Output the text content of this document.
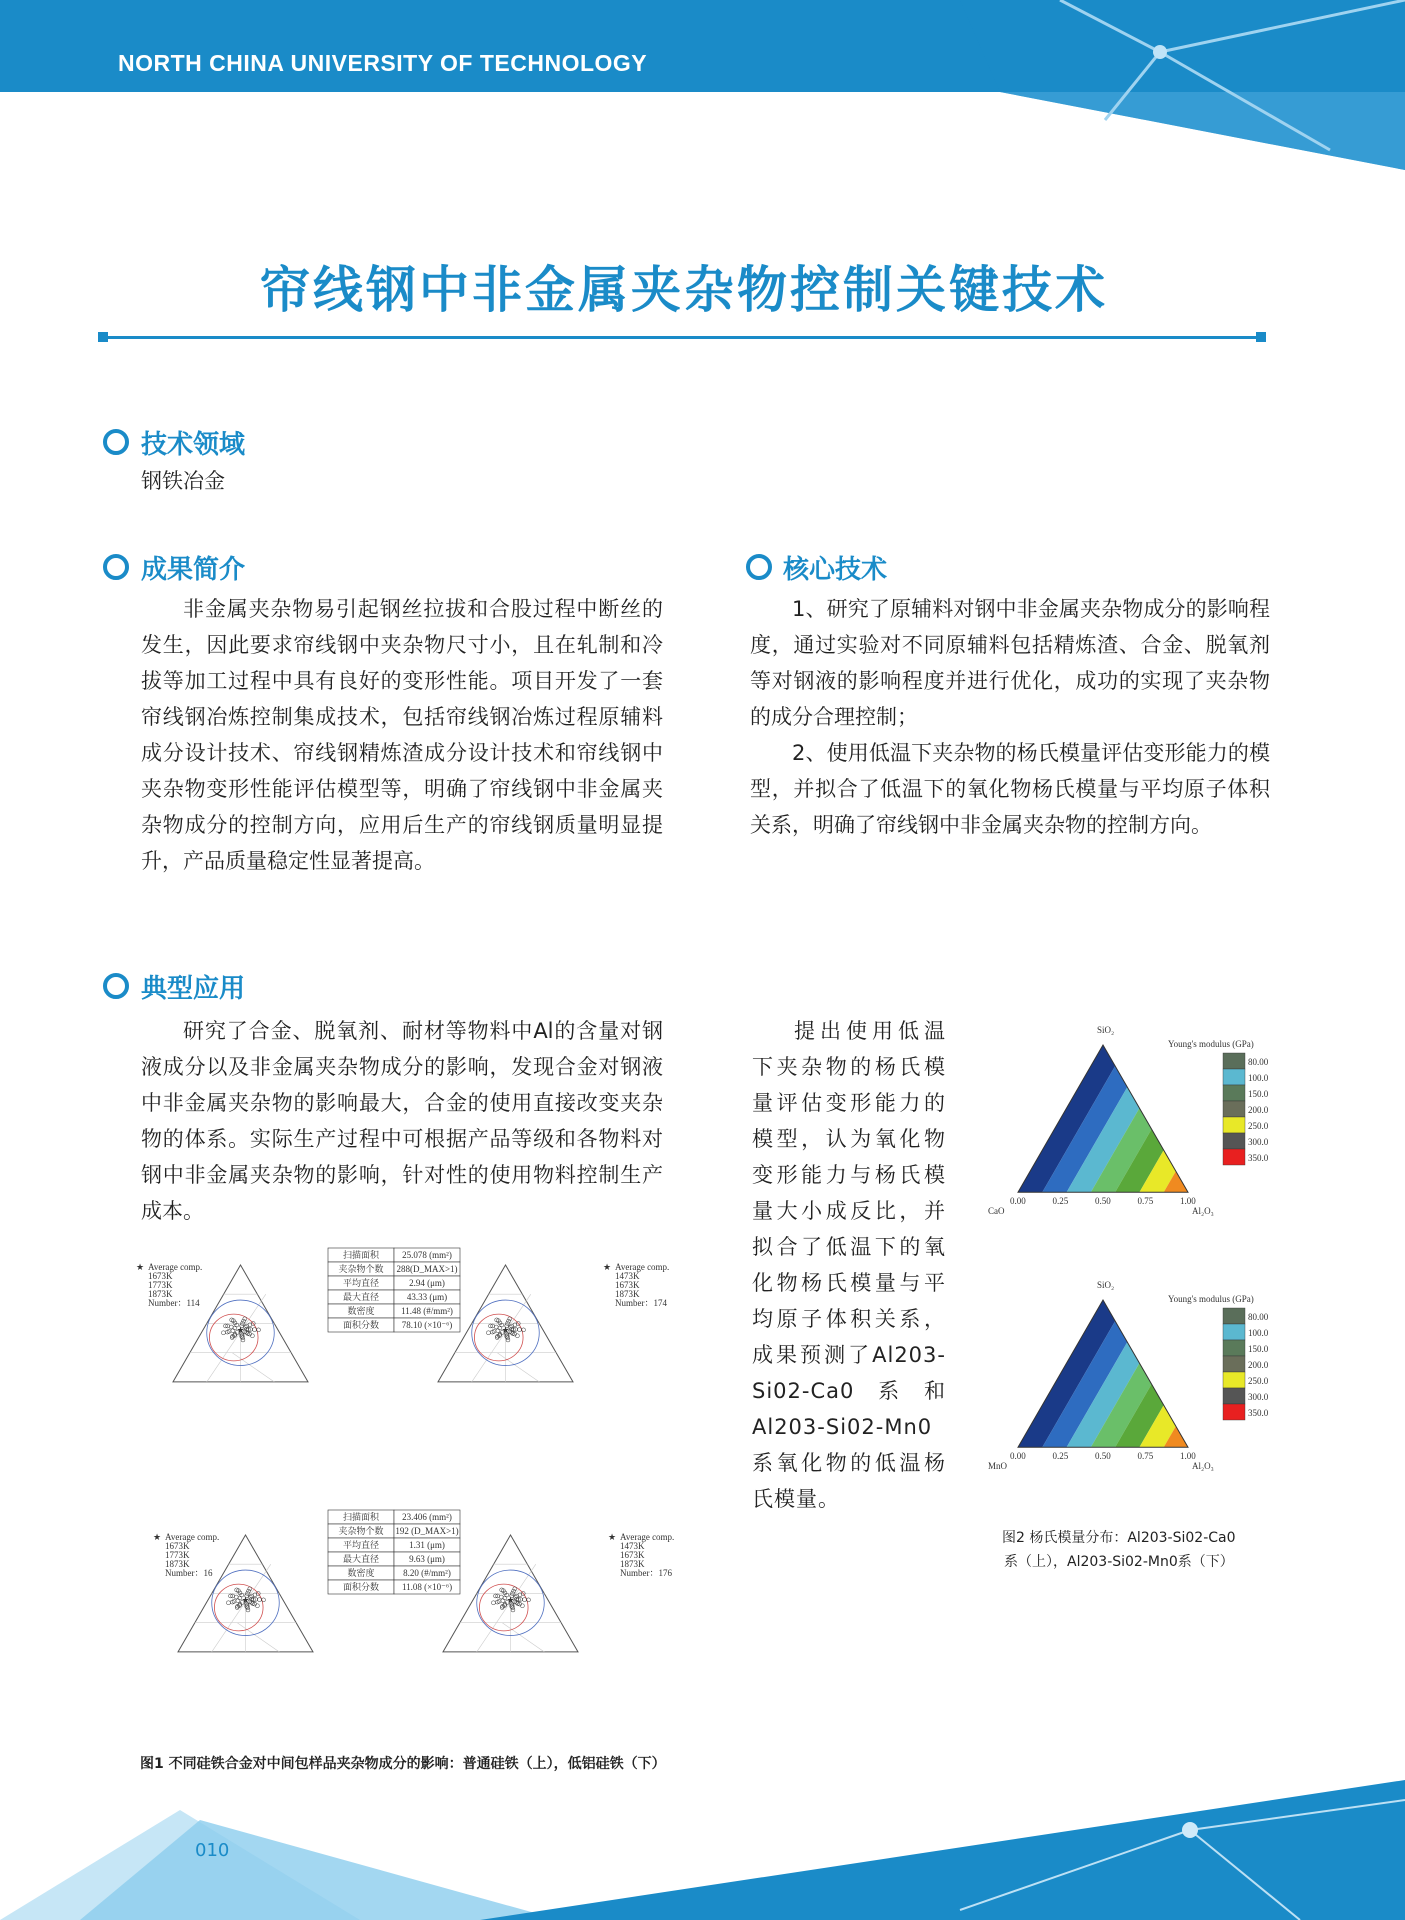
NORTH CHINA UNIVERSITY OF TECHNOLOGY
帘线钢中非金属夹杂物控制关键技术
技术领域
钢铁冶金
成果简介
非金属夹杂物易引起钢丝拉拔和合股过程中断丝的发生，因此要求帘线钢中夹杂物尺寸小，且在轧制和冷拔等加工过程中具有良好的变形性能。项目开发了一套帘线钢冶炼控制集成技术，包括帘线钢冶炼过程原辅料成分设计技术、帘线钢精炼渣成分设计技术和帘线钢中夹杂物变形性能评估模型等，明确了帘线钢中非金属夹杂物成分的控制方向，应用后生产的帘线钢质量明显提升，产品质量稳定性显著提高。
核心技术
1、研究了原辅料对钢中非金属夹杂物成分的影响程度，通过实验对不同原辅料包括精炼渣、合金、脱氧剂等对钢液的影响程度并进行优化，成功的实现了夹杂物的成分合理控制；
2、使用低温下夹杂物的杨氏模量评估变形能力的模型，并拟合了低温下的氧化物杨氏模量与平均原子体积关系，明确了帘线钢中非金属夹杂物的控制方向。
典型应用
研究了合金、脱氧剂、耐材等物料中Al的含量对钢液成分以及非金属夹杂物成分的影响，发现合金对钢液中非金属夹杂物的影响最大，合金的使用直接改变夹杂物的体系。实际生产过程中可根据产品等级和各物料对钢中非金属夹杂物的影响，针对性的使用物料控制生产成本。
提出使用低温下夹杂物的杨氏模量评估变形能力的模型，认为氧化物变形能力与杨氏模量大小成反比，并拟合了低温下的氧化物杨氏模量与平均原子体积关系，成果预测了Al203-Si02-Ca0系和Al203-Si02-Mn0系氧化物的低温杨氏模量。
★
★ Average comp.
1673K
1773K
1873K
Number：114
★
★ Average comp.
1473K
1673K
1873K
Number：174
★
★ Average comp.
1673K
1773K
1873K
Number：16
★
★ Average comp.
1473K
1673K
1873K
Number：176
扫描面积	25.078 (mm²)
夹杂物个数 288(D_MAX>1)
平均直径	2.94 (μm)
最大直径	43.33 (μm)
数密度	11.48 (#/mm²)
面积分数	78.10 (×10⁻⁶)
扫描面积	23.406 (mm²)
夹杂物个数 192 (D_MAX>1)
平均直径	1.31 (μm)
最大直径	9.63 (μm)
数密度	8.20 (#/mm²)
面积分数	11.08 (×10⁻⁶)
图1 不同硅铁合金对中间包样品夹杂物成分的影响：普通硅铁（上），低铝硅铁（下）
SiO₂
CaO	Al₂O₃
0.00	0.25	0.50	0.75	1.00
Young's modulus (GPa)
80.00
100.0
150.0
200.0
250.0
300.0
350.0
SiO₂
MnO	Al₂O₃
0.00	0.25	0.50	0.75	1.00
Young's modulus (GPa)
80.00
100.0
150.0
200.0
250.0
300.0
350.0
图2 杨氏模量分布：Al203-Si02-Ca0
系（上），Al203-Si02-Mn0系（下）
010
